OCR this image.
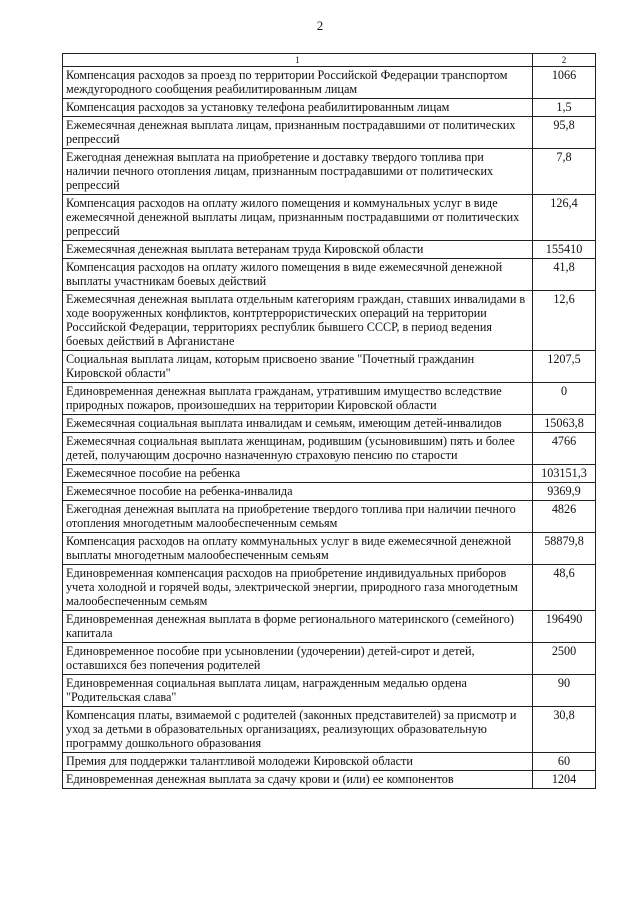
2
1	2
Компенсация расходов за проезд по территории Российской Федерации транспортом междугородного сообщения реабилитированным лицам	1066
Компенсация расходов за установку телефона реабилитированным лицам	1,5
Ежемесячная денежная выплата лицам, признанным пострадавшими от политических репрессий	95,8
Ежегодная денежная выплата на приобретение и доставку твердого топлива при наличии печного отопления лицам, признанным пострадавшими от политических репрессий	7,8
Компенсация расходов на оплату жилого помещения и коммунальных услуг в виде ежемесячной денежной выплаты лицам, признанным пострадавшими от политических репрессий	126,4
Ежемесячная денежная выплата ветеранам труда Кировской области	155410
Компенсация расходов на оплату жилого помещения в виде ежемесячной денежной выплаты участникам боевых действий	41,8
Ежемесячная денежная выплата отдельным категориям граждан, ставших инвалидами в ходе вооруженных конфликтов, контртеррористических операций на территории Российской Федерации, территориях республик бывшего СССР, в период ведения боевых действий в Афганистане	12,6
Социальная выплата лицам, которым присвоено звание "Почетный гражданин Кировской области"	1207,5
Единовременная денежная выплата гражданам, утратившим имущество вследствие природных пожаров, произошедших на территории Кировской области	0
Ежемесячная социальная выплата инвалидам и семьям, имеющим детей-инвалидов	15063,8
Ежемесячная социальная выплата женщинам, родившим (усыновившим) пять и более детей, получающим досрочно назначенную страховую пенсию по старости	4766
Ежемесячное пособие на ребенка	103151,3
Ежемесячное пособие на ребенка-инвалида	9369,9
Ежегодная денежная выплата на приобретение твердого топлива при наличии печного отопления многодетным малообеспеченным семьям	4826
Компенсация расходов на оплату коммунальных услуг в виде ежемесячной денежной выплаты многодетным малообеспеченным семьям	58879,8
Единовременная компенсация расходов на приобретение индивидуальных приборов учета холодной и горячей воды, электрической энергии, природного газа многодетным малообеспеченным семьям	48,6
Единовременная денежная выплата в форме регионального материнского (семейного) капитала	196490
Единовременное пособие при усыновлении (удочерении) детей-сирот и детей, оставшихся без попечения родителей	2500
Единовременная социальная выплата лицам, награжденным медалью ордена "Родительская слава"	90
Компенсация платы, взимаемой с родителей (законных представителей) за присмотр и уход за детьми в образовательных организациях, реализующих образовательную программу дошкольного образования	30,8
Премия для поддержки талантливой молодежи Кировской области	60
Единовременная денежная выплата за сдачу крови и (или) ее компонентов	1204
